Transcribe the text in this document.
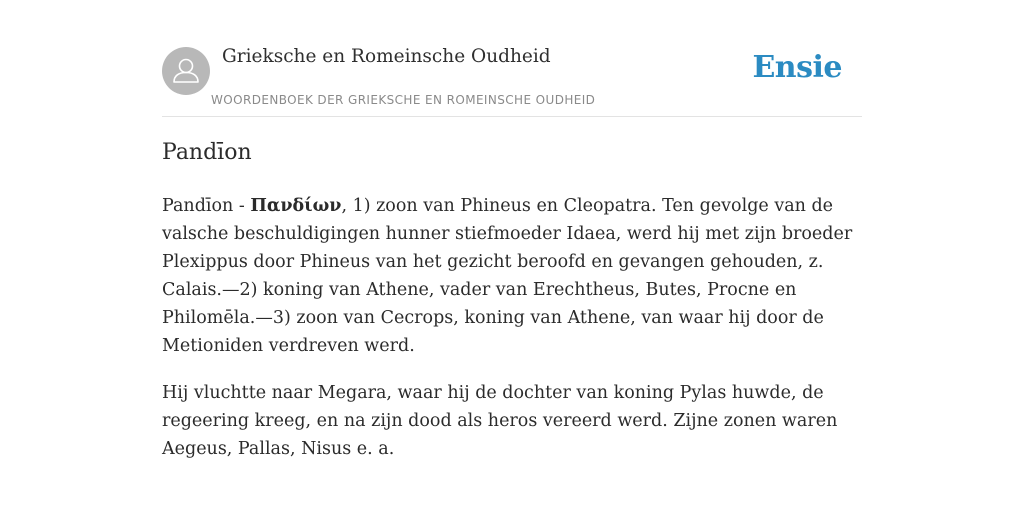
Grieksche en Romeinsche Oudheid
WOORDENBOEK DER GRIEKSCHE EN ROMEINSCHE OUDHEID
Ensie
Pandīon

Pandīon - Πανδίων, 1) zoon van Phineus en Cleopatra. Ten gevolge van de valsche beschuldigingen hunner stiefmoeder Idaea, werd hij met zijn broeder Plexippus door Phineus van het gezicht beroofd en gevangen gehouden, z. Calais.—2) koning van Athene, vader van Erechtheus, Butes, Procne en Philomēla.—3) zoon van Cecrops, koning van Athene, van waar hij door de Metioniden verdreven werd.

Hij vluchtte naar Megara, waar hij de dochter van koning Pylas huwde, de regeering kreeg, en na zijn dood als heros vereerd werd. Zijne zonen waren Aegeus, Pallas, Nisus e. a.
